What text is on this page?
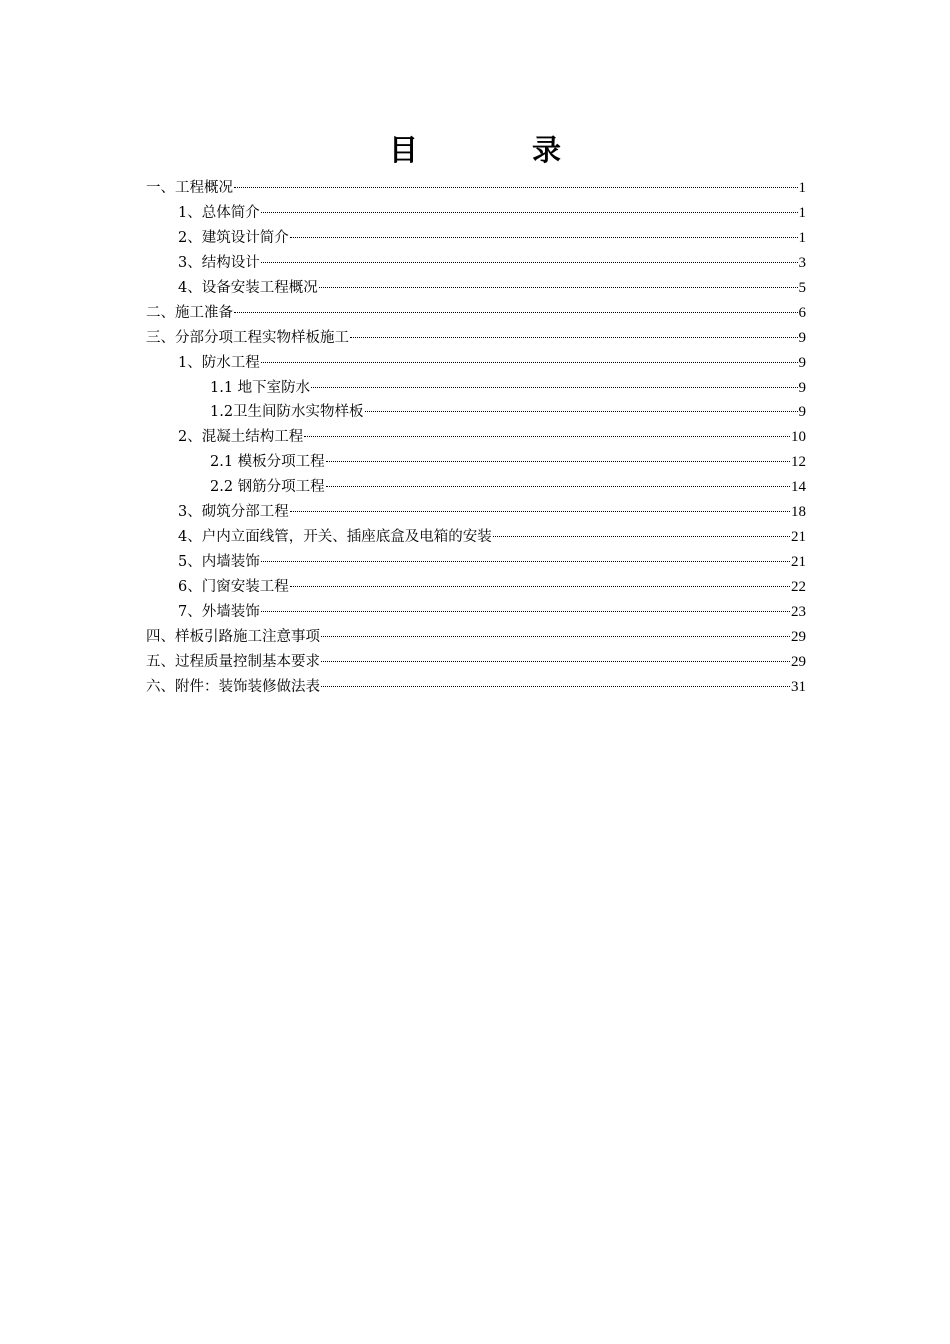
目 录
一、工程概况	1
1、总体简介	1
2、建筑设计简介	1
3、结构设计	3
4、设备安装工程概况	5
二、施工准备	6
三、分部分项工程实物样板施工	9
1、防水工程	9
1.1 地下室防水	9
1.2卫生间防水实物样板	9
2、混凝土结构工程	10
2.1 模板分项工程	12
2.2 钢筋分项工程	14
3、砌筑分部工程	18
4、户内立面线管，开关、插座底盒及电箱的安装	21
5、内墙装饰	21
6、门窗安装工程	22
7、外墙装饰	23
四、样板引路施工注意事项	29
五、过程质量控制基本要求	29
六、附件：装饰装修做法表	31
